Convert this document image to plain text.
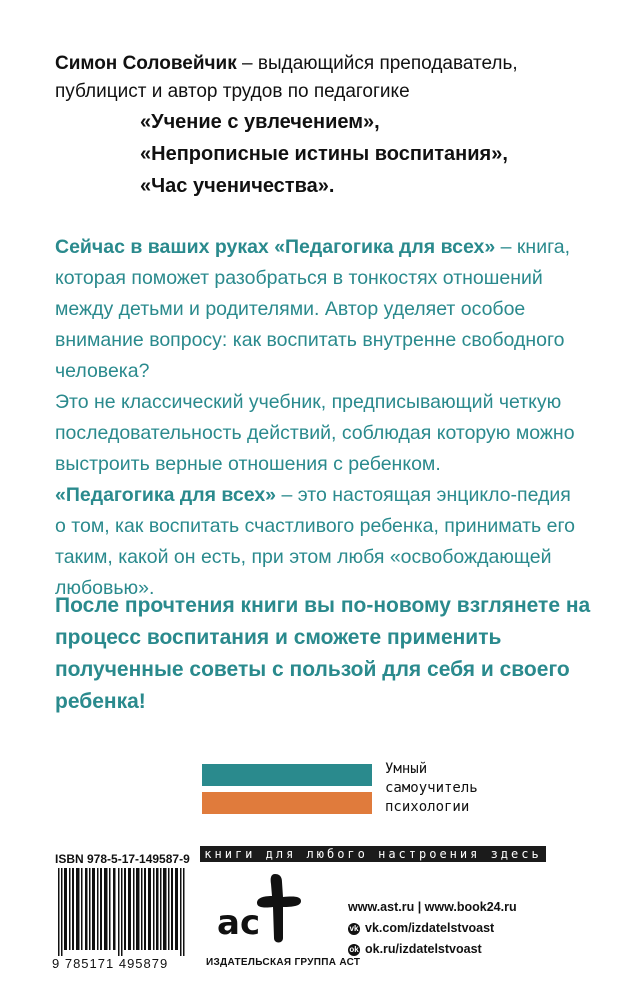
Симон Соловейчик – выдающийся преподаватель,
публицист и автор трудов по педагогике
«Учение с увлечением»,
«Непрописные истины воспитания»,
«Час ученичества».

Сейчас в ваших руках «Педагогика для всех» – книга, которая поможет разобраться в тонкостях отношений между детьми и родителями. Автор уделяет особое внимание вопросу: как воспитать внутренне свободного человека?

Это не классический учебник, предписывающий четкую последовательность действий, соблюдая которую можно выстроить верные отношения с ребенком.

«Педагогика для всех» – это настоящая энцикло-педия о том, как воспитать счастливого ребенка, принимать его таким, какой он есть, при этом любя «освобождающей любовью».

После прочтения книги вы по-новому взглянете на процесс воспитания и сможете применить полученные советы с пользой для себя и своего ребенка!
Умный
самоучитель
психологии
книги для любого настроения здесь
ISBN 978-5-17-149587-9
9 785171 495879
ac
ИЗДАТЕЛЬСКАЯ ГРУППА АСТ
www.ast.ru | www.book24.ru
vk vk.com/izdatelstvoast
ok ok.ru/izdatelstvoast
